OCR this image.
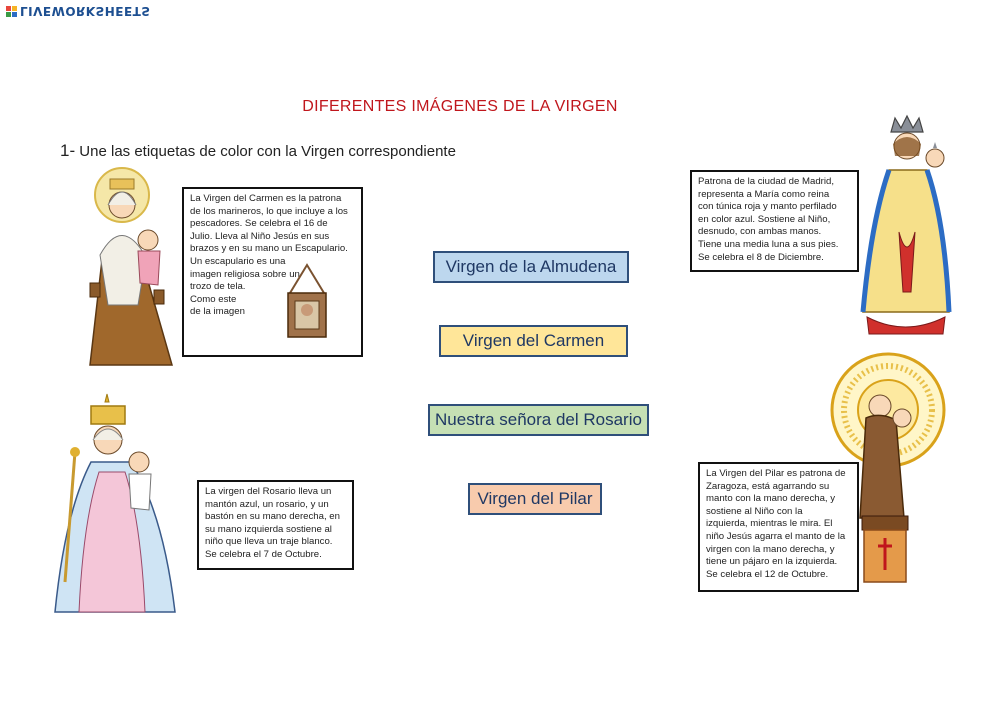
LIVEWORKSHEETS
DIFERENTES IMÁGENES DE LA VIRGEN
1- Une las etiquetas de color con la Virgen correspondiente
La Virgen del Carmen es la patrona
de los marineros, lo que incluye a los
pescadores. Se celebra el 16 de
Julio. Lleva al Niño Jesús en sus
brazos y en su mano un Escapulario.
Un escapulario es una
imagen religiosa sobre un
trozo de tela.
Como este
de la imagen
La virgen del Rosario lleva un
mantón azul, un rosario, y un
bastón en su mano derecha, en
su mano izquierda sostiene al
niño que lleva un traje blanco.
Se celebra el 7 de Octubre.
Virgen de la Almudena
Virgen del Carmen
Nuestra señora del Rosario
Virgen del Pilar
Patrona de la ciudad de Madrid,
representa a María como reina
con túnica roja y manto perfilado
en color azul. Sostiene al Niño,
desnudo, con ambas manos.
Tiene una media luna a sus pies.
Se celebra el 8 de Diciembre.
La Virgen del Pilar es patrona de
Zaragoza, está agarrando su
manto con la mano derecha, y
sostiene al Niño con la
izquierda, mientras le mira. El
niño Jesús agarra el manto de la
virgen con la mano derecha, y
tiene un pájaro en la izquierda.
Se celebra el 12 de Octubre.
